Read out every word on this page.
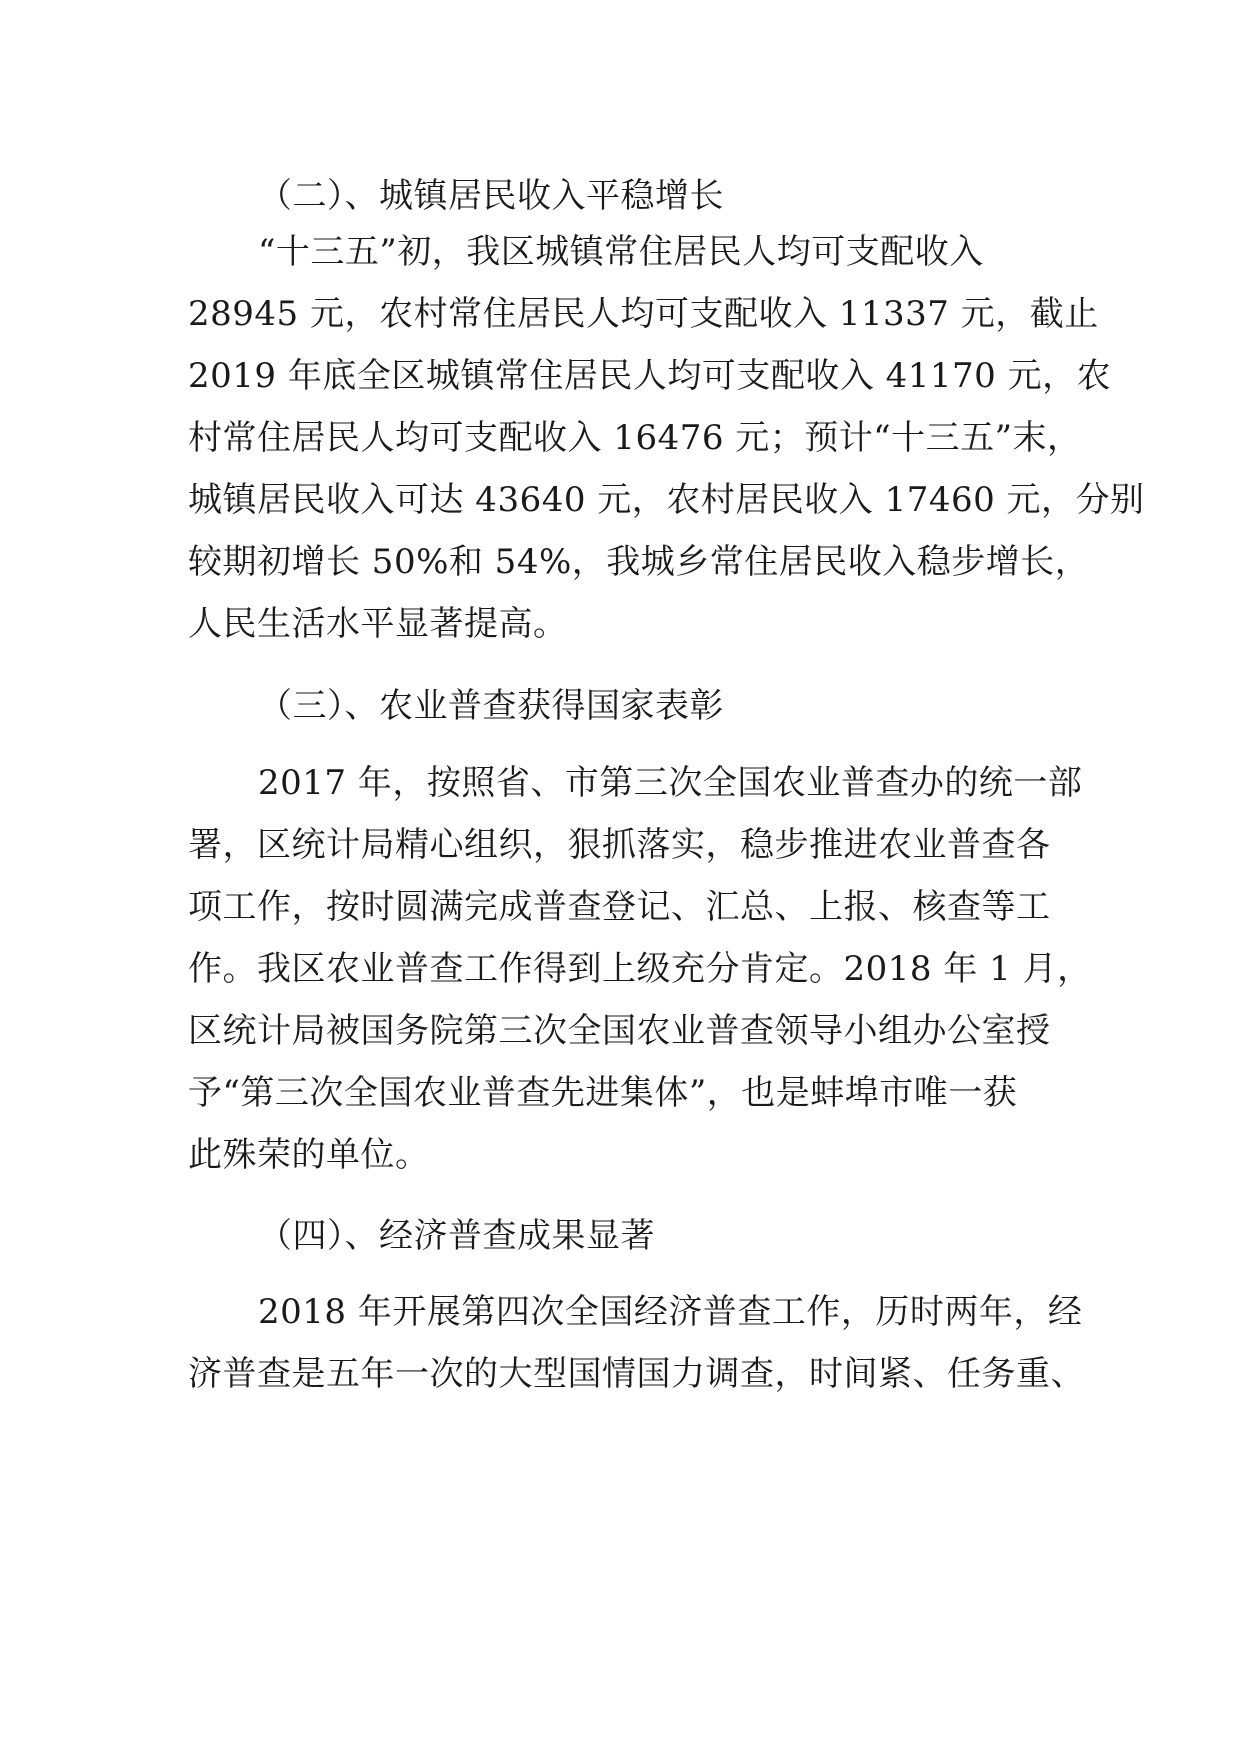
（二）、城镇居民收入平稳增长
“十三五”初，我区城镇常住居民人均可支配收入
28945 元，农村常住居民人均可支配收入 11337 元，截止
2019 年底全区城镇常住居民人均可支配收入 41170 元，农
村常住居民人均可支配收入 16476 元；预计“十三五”末，
城镇居民收入可达 43640 元，农村居民收入 17460 元，分别
较期初增长 50%和 54%，我城乡常住居民收入稳步增长，
人民生活水平显著提高。
（三）、农业普查获得国家表彰
2017 年，按照省、市第三次全国农业普查办的统一部
署，区统计局精心组织，狠抓落实，稳步推进农业普查各
项工作，按时圆满完成普查登记、汇总、上报、核查等工
作。我区农业普查工作得到上级充分肯定。2018 年 1 月，
区统计局被国务院第三次全国农业普查领导小组办公室授
予“第三次全国农业普查先进集体”，也是蚌埠市唯一获
此殊荣的单位。
（四）、经济普查成果显著
2018 年开展第四次全国经济普查工作，历时两年，经
济普查是五年一次的大型国情国力调查，时间紧、任务重、
